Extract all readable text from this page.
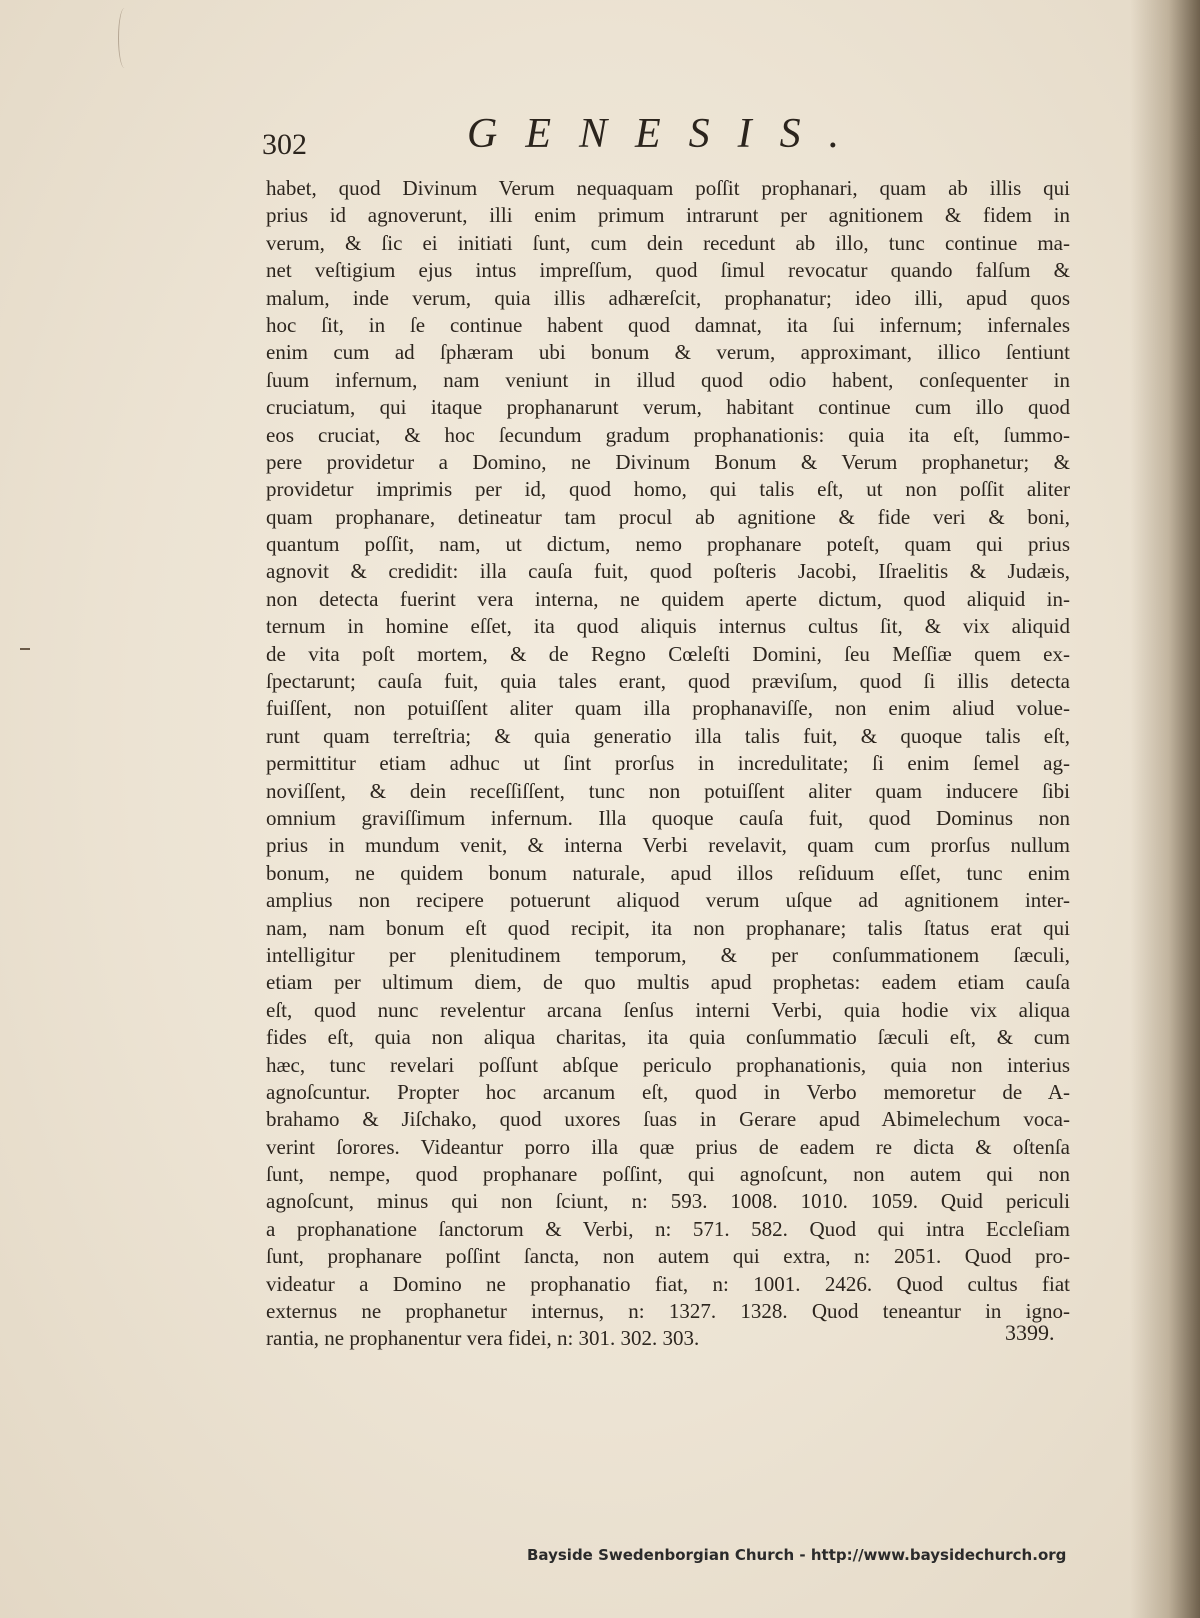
302	GENESIS.

habet, quod Divinum Verum nequaquam poſſit prophanari, quam ab illis qui
prius id agnoverunt, illi enim primum intrarunt per agnitionem & fidem in
verum, & ſic ei initiati ſunt, cum dein recedunt ab illo, tunc continue ma-
net veſtigium ejus intus impreſſum, quod ſimul revocatur quando falſum &
malum, inde verum, quia illis adhæreſcit, prophanatur; ideo illi, apud quos
hoc ſit, in ſe continue habent quod damnat, ita ſui infernum; infernales
enim cum ad ſphæram ubi bonum & verum, approximant, illico ſentiunt
ſuum infernum, nam veniunt in illud quod odio habent, conſequenter in
cruciatum, qui itaque prophanarunt verum, habitant continue cum illo quod
eos cruciat, & hoc ſecundum gradum prophanationis: quia ita eſt, ſummo-
pere providetur a Domino, ne Divinum Bonum & Verum prophanetur; &
providetur imprimis per id, quod homo, qui talis eſt, ut non poſſit aliter
quam prophanare, detineatur tam procul ab agnitione & fide veri & boni,
quantum poſſit, nam, ut dictum, nemo prophanare poteſt, quam qui prius
agnovit & credidit: illa cauſa fuit, quod poſteris Jacobi, Iſraelitis & Judæis,
non detecta fuerint vera interna, ne quidem aperte dictum, quod aliquid in-
ternum in homine eſſet, ita quod aliquis internus cultus ſit, & vix aliquid
de vita poſt mortem, & de Regno Cœleſti Domini, ſeu Meſſiæ quem ex-
ſpectarunt; cauſa fuit, quia tales erant, quod præviſum, quod ſi illis detecta
fuiſſent, non potuiſſent aliter quam illa prophanaviſſe, non enim aliud volue-
runt quam terreſtria; & quia generatio illa talis fuit, & quoque talis eſt,
permittitur etiam adhuc ut ſint prorſus in incredulitate; ſi enim ſemel ag-
noviſſent, & dein receſſiſſent, tunc non potuiſſent aliter quam inducere ſibi
omnium graviſſimum infernum. Illa quoque cauſa fuit, quod Dominus non
prius in mundum venit, & interna Verbi revelavit, quam cum prorſus nullum
bonum, ne quidem bonum naturale, apud illos reſiduum eſſet, tunc enim
amplius non recipere potuerunt aliquod verum uſque ad agnitionem inter-
nam, nam bonum eſt quod recipit, ita non prophanare; talis ſtatus erat qui
intelligitur per plenitudinem temporum, & per conſummationem ſæculi,
etiam per ultimum diem, de quo multis apud prophetas: eadem etiam cauſa
eſt, quod nunc revelentur arcana ſenſus interni Verbi, quia hodie vix aliqua
fides eſt, quia non aliqua charitas, ita quia conſummatio ſæculi eſt, & cum
hæc, tunc revelari poſſunt abſque periculo prophanationis, quia non interius
agnoſcuntur. Propter hoc arcanum eſt, quod in Verbo memoretur de A-
brahamo & Jiſchako, quod uxores ſuas in Gerare apud Abimelechum voca-
verint ſorores. Videantur porro illa quæ prius de eadem re dicta & oſtenſa
ſunt, nempe, quod prophanare poſſint, qui agnoſcunt, non autem qui non
agnoſcunt, minus qui non ſciunt, n: 593. 1008. 1010. 1059. Quid periculi
a prophanatione ſanctorum & Verbi, n: 571. 582. Quod qui intra Eccleſiam
ſunt, prophanare poſſint ſancta, non autem qui extra, n: 2051. Quod pro-
videatur a Domino ne prophanatio fiat, n: 1001. 2426. Quod cultus fiat
externus ne prophanetur internus, n: 1327. 1328. Quod teneantur in igno-
rantia, ne prophanentur vera fidei, n: 301. 302. 303.	3399.
Bayside Swedenborgian Church - http://www.baysidechurch.org
